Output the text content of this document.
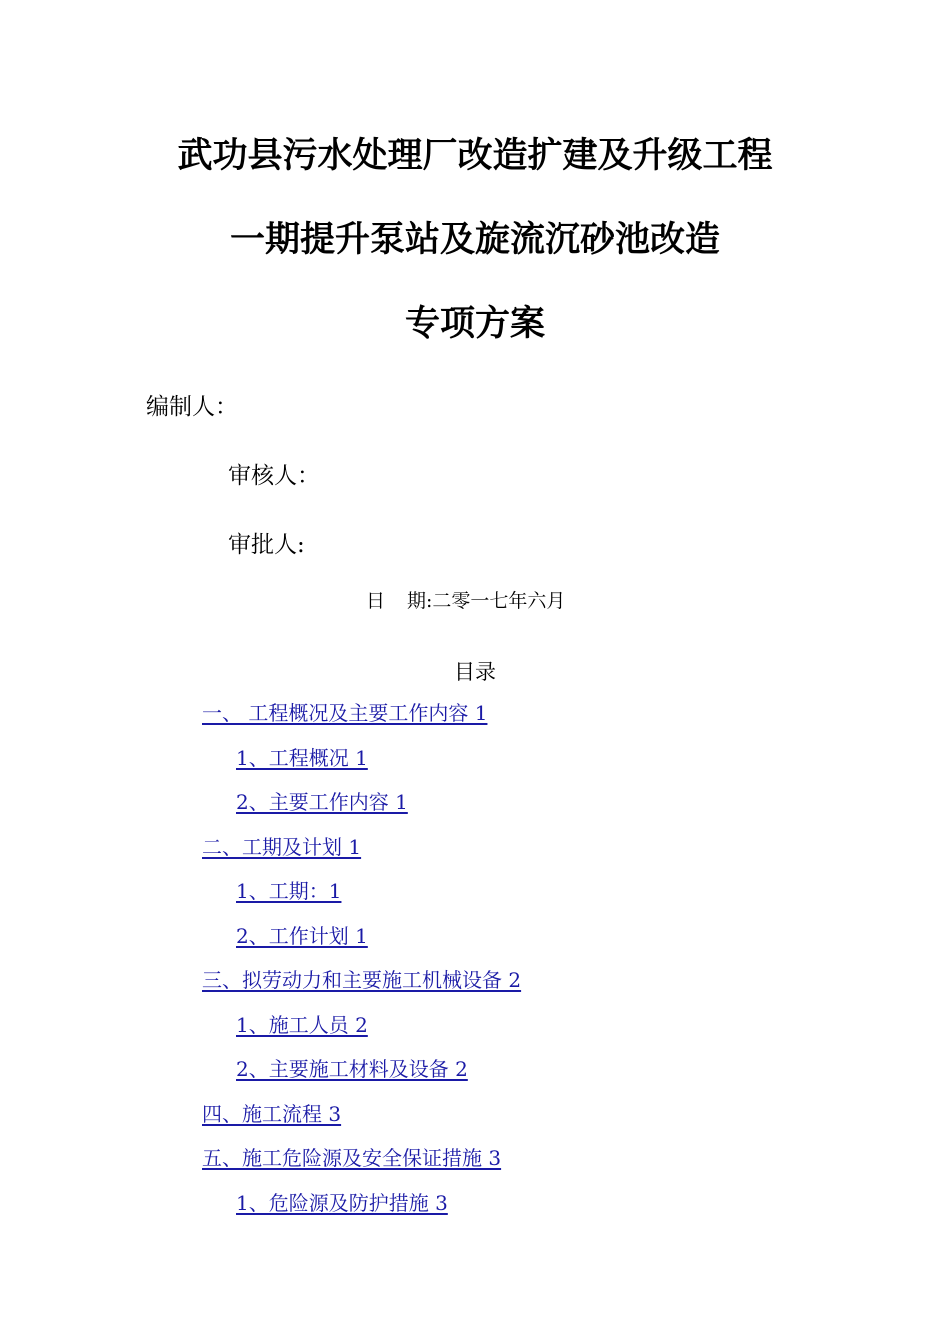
武功县污水处理厂改造扩建及升级工程
一期提升泵站及旋流沉砂池改造
专项方案
编制人：
审核人：
审批人:
日 期:二零一七年六月
目录
一、 工程概况及主要工作内容 1
1、工程概况 1
2、主要工作内容 1
二、工期及计划 1
1、工期：1
2、工作计划 1
三、拟劳动力和主要施工机械设备 2
1、施工人员 2
2、主要施工材料及设备 2
四、施工流程 3
五、施工危险源及安全保证措施 3
1、危险源及防护措施 3
